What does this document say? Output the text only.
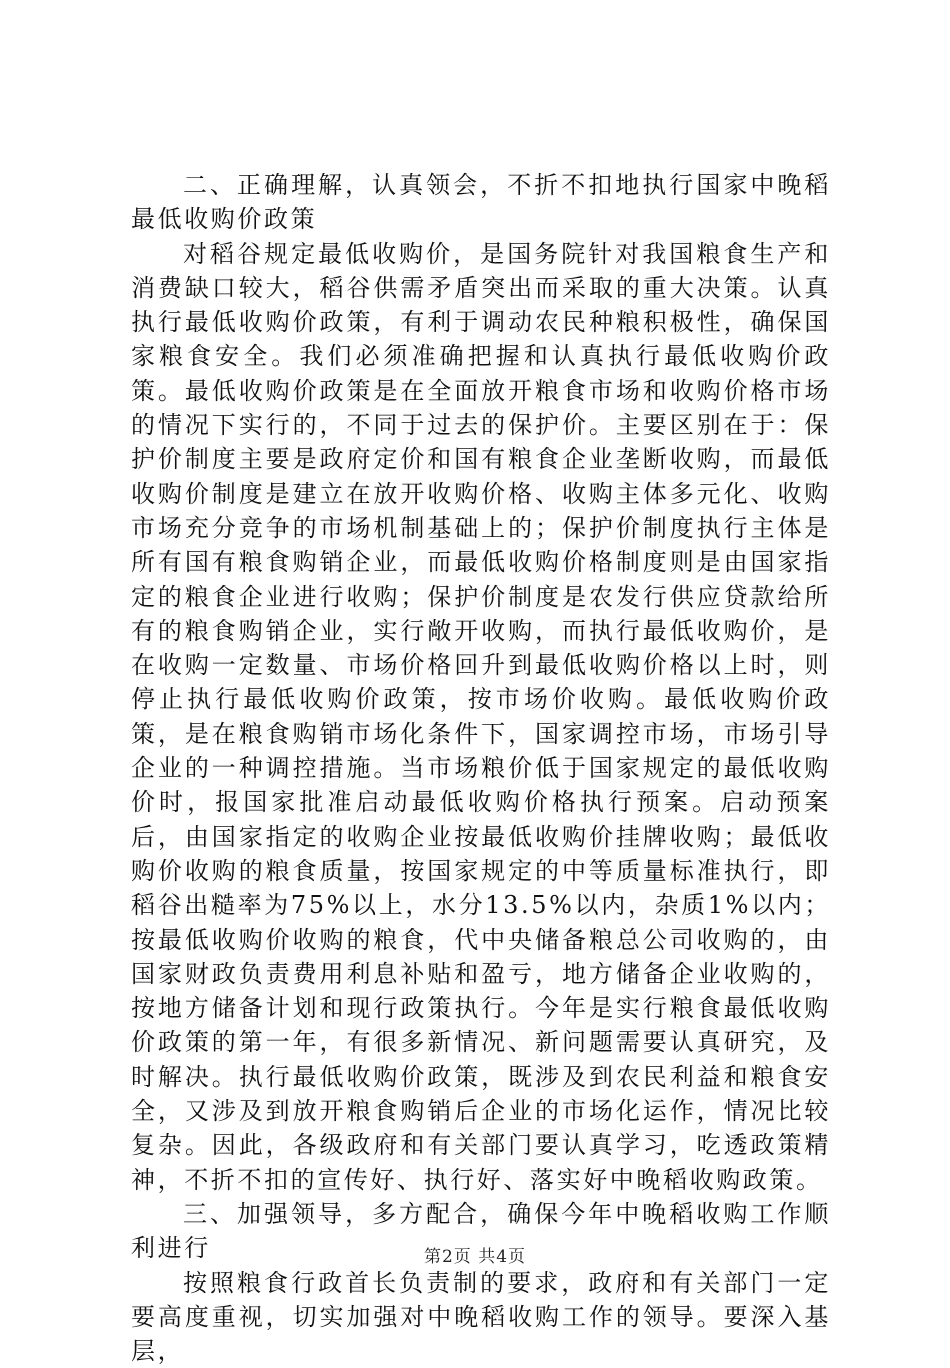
二、正确理解，认真领会，不折不扣地执行国家中晚稻最低收购价政策

对稻谷规定最低收购价，是国务院针对我国粮食生产和消费缺口较大，稻谷供需矛盾突出而采取的重大决策。认真执行最低收购价政策，有利于调动农民种粮积极性，确保国家粮食安全。我们必须准确把握和认真执行最低收购价政策。最低收购价政策是在全面放开粮食市场和收购价格市场的情况下实行的，不同于过去的保护价。主要区别在于：保护价制度主要是政府定价和国有粮食企业垄断收购，而最低收购价制度是建立在放开收购价格、收购主体多元化、收购市场充分竞争的市场机制基础上的；保护价制度执行主体是所有国有粮食购销企业，而最低收购价格制度则是由国家指定的粮食企业进行收购；保护价制度是农发行供应贷款给所有的粮食购销企业，实行敞开收购，而执行最低收购价，是在收购一定数量、市场价格回升到最低收购价格以上时，则停止执行最低收购价政策，按市场价收购。最低收购价政策，是在粮食购销市场化条件下，国家调控市场，市场引导企业的一种调控措施。当市场粮价低于国家规定的最低收购价时，报国家批准启动最低收购价格执行预案。启动预案后，由国家指定的收购企业按最低收购价挂牌收购；最低收购价收购的粮食质量，按国家规定的中等质量标准执行，即稻谷出糙率为75%以上，水分13.5%以内，杂质1%以内；按最低收购价收购的粮食，代中央储备粮总公司收购的，由国家财政负责费用利息补贴和盈亏，地方储备企业收购的，按地方储备计划和现行政策执行。今年是实行粮食最低收购价政策的第一年，有很多新情况、新问题需要认真研究，及时解决。执行最低收购价政策，既涉及到农民利益和粮食安全，又涉及到放开粮食购销后企业的市场化运作，情况比较复杂。因此，各级政府和有关部门要认真学习，吃透政策精神，不折不扣的宣传好、执行好、落实好中晚稻收购政策。

三、加强领导，多方配合，确保今年中晚稻收购工作顺利进行

按照粮食行政首长负责制的要求，政府和有关部门一定要高度重视，切实加强对中晚稻收购工作的领导。要深入基层，

第2页 共4页
